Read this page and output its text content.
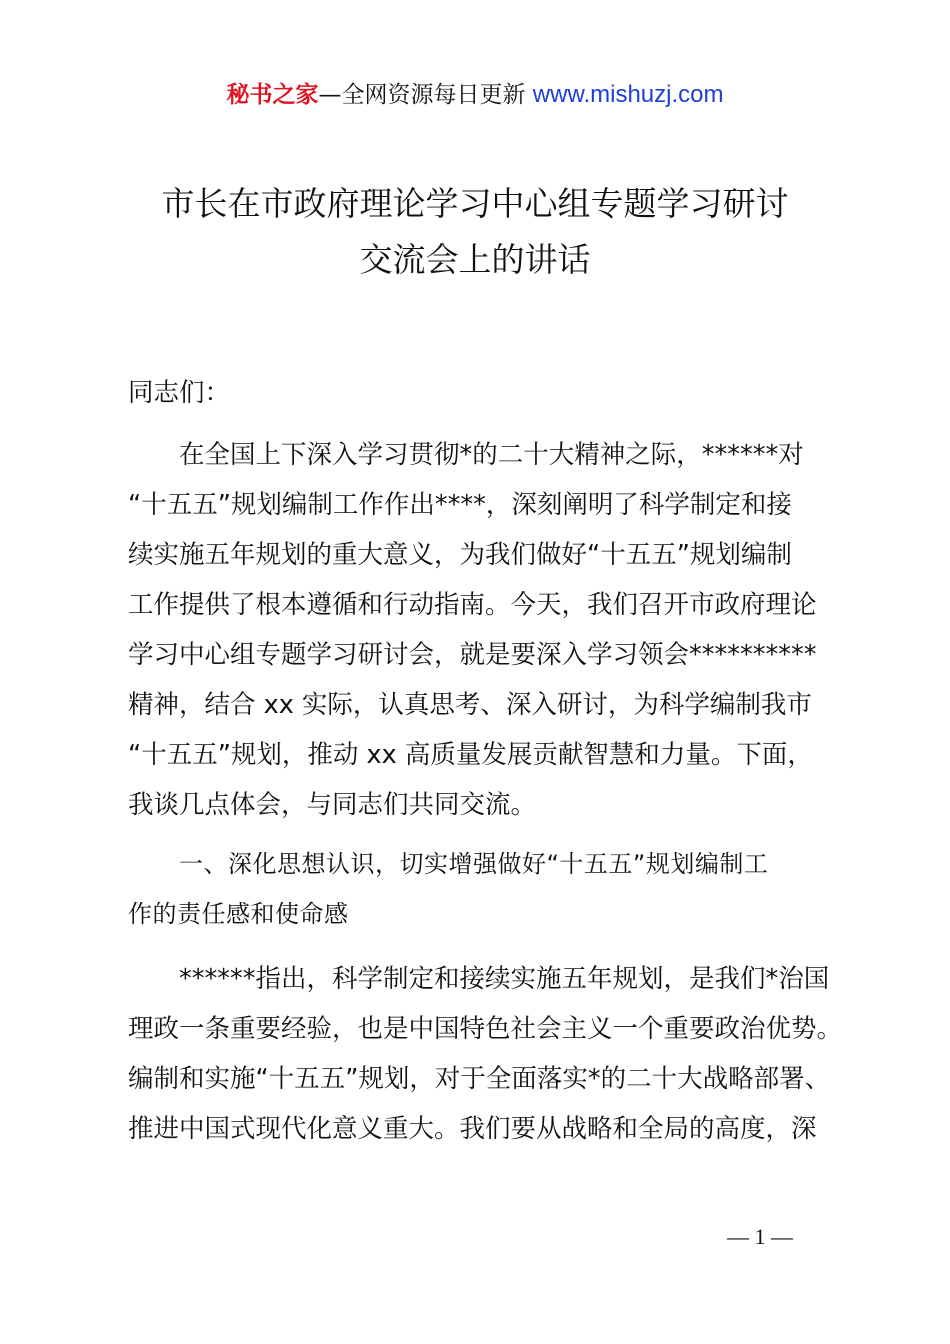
秘书之家—全网资源每日更新 www.mishuzj.com
市长在市政府理论学习中心组专题学习研讨
交流会上的讲话
同志们：
在全国上下深入学习贯彻*的二十大精神之际，******对
“十五五”规划编制工作作出****，深刻阐明了科学制定和接
续实施五年规划的重大意义，为我们做好“十五五”规划编制
工作提供了根本遵循和行动指南。今天，我们召开市政府理论
学习中心组专题学习研讨会，就是要深入学习领会**********
精神，结合 xx 实际，认真思考、深入研讨，为科学编制我市
“十五五”规划，推动 xx 高质量发展贡献智慧和力量。下面，
我谈几点体会，与同志们共同交流。
一、深化思想认识，切实增强做好“十五五”规划编制工
作的责任感和使命感
******指出，科学制定和接续实施五年规划，是我们*治国
理政一条重要经验，也是中国特色社会主义一个重要政治优势。
编制和实施“十五五”规划，对于全面落实*的二十大战略部署、
推进中国式现代化意义重大。我们要从战略和全局的高度，深
— 1 —
